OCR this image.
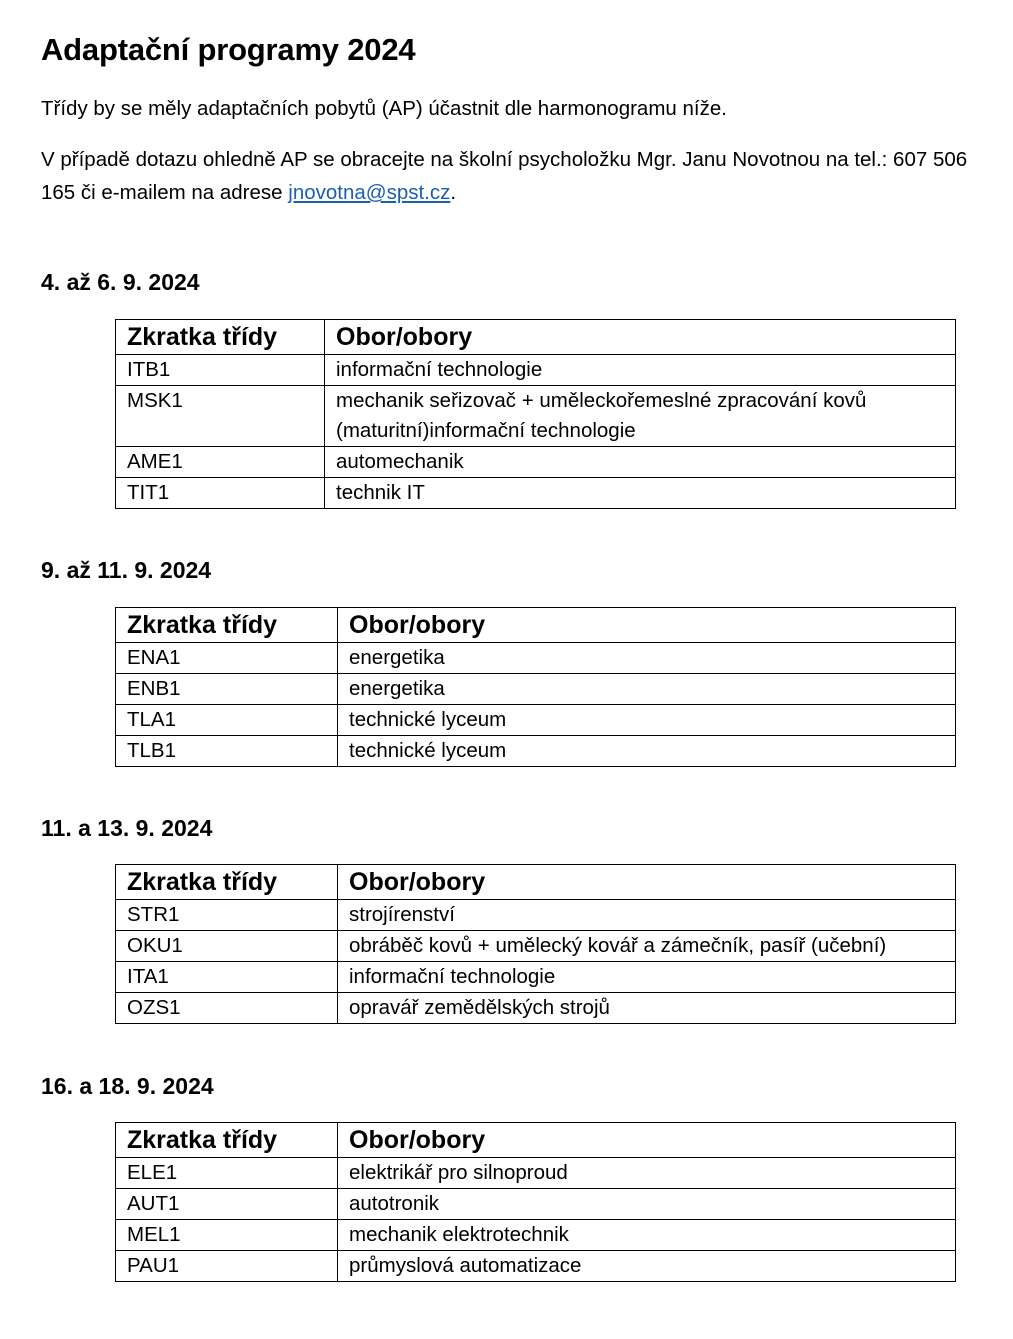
Adaptační programy 2024

Třídy by se měly adaptačních pobytů (AP) účastnit dle harmonogramu níže.

V případě dotazu ohledně AP se obracejte na školní psycholožku Mgr. Janu Novotnou na tel.: 607 506 165 či e-mailem na adrese jnovotna@spst.cz.

4. až 6. 9. 2024
Zkratka třídy	Obor/obory
ITB1	informační technologie
MSK1	mechanik seřizovač + uměleckořemeslné zpracování kovů (maturitní)informační technologie
AME1	automechanik
TIT1	technik IT
9. až 11. 9. 2024
Zkratka třídy	Obor/obory
ENA1	energetika
ENB1	energetika
TLA1	technické lyceum
TLB1	technické lyceum
11. a 13. 9. 2024
Zkratka třídy	Obor/obory
STR1	strojírenství
OKU1	obráběč kovů + umělecký kovář a zámečník, pasíř (učební)
ITA1	informační technologie
OZS1	opravář zemědělských strojů
16. a 18. 9. 2024
Zkratka třídy	Obor/obory
ELE1	elektrikář pro silnoproud
AUT1	autotronik
MEL1	mechanik elektrotechnik
PAU1	průmyslová automatizace
